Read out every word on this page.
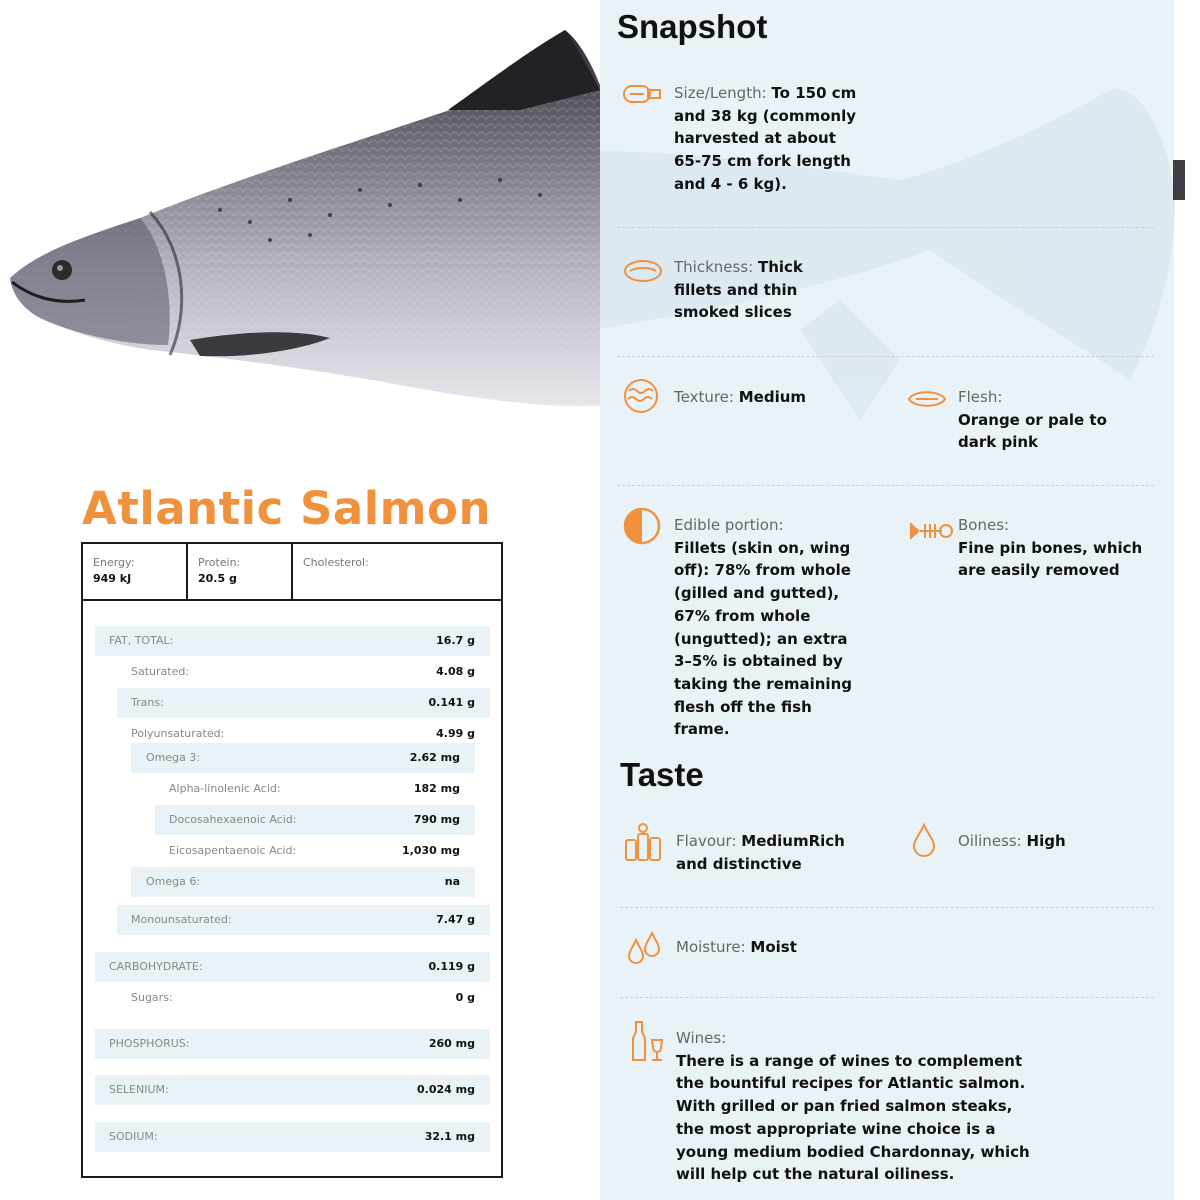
Snapshot
Size/Length: To 150 cm and 38 kg (commonly harvested at about 65-75 cm fork length and 4 - 6 kg).
Thickness: Thick fillets and thin smoked slices
Texture: Medium	Flesh:
Orange or pale to dark pink
Edible portion:
Fillets (skin on, wing off): 78% from whole (gilled and gutted), 67% from whole (ungutted); an extra 3–5% is obtained by taking the remaining flesh off the fish frame.
Bones:
Fine pin bones, which are easily removed
Taste
Flavour: MediumRich and distinctive
Oiliness: High
Moisture: Moist
Wines:
There is a range of wines to complement the bountiful recipes for Atlantic salmon. With grilled or pan fried salmon steaks, the most appropriate wine choice is a young medium bodied Chardonnay, which will help cut the natural oiliness.
Atlantic Salmon
Energy:
949 kJ
Protein:
20.5 g
Cholesterol:
FAT, TOTAL:	16.7 g
Saturated:	4.08 g
Trans:	0.141 g
Polyunsaturated:	4.99 g
Omega 3:	2.62 mg
Alpha-linolenic Acid:	182 mg
Docosahexaenoic Acid:	790 mg
Eicosapentaenoic Acid:	1,030 mg
Omega 6:	na
Monounsaturated:	7.47 g
CARBOHYDRATE:	0.119 g
Sugars:	0 g
PHOSPHORUS:	260 mg
SELENIUM:	0.024 mg
SODIUM:	32.1 mg
